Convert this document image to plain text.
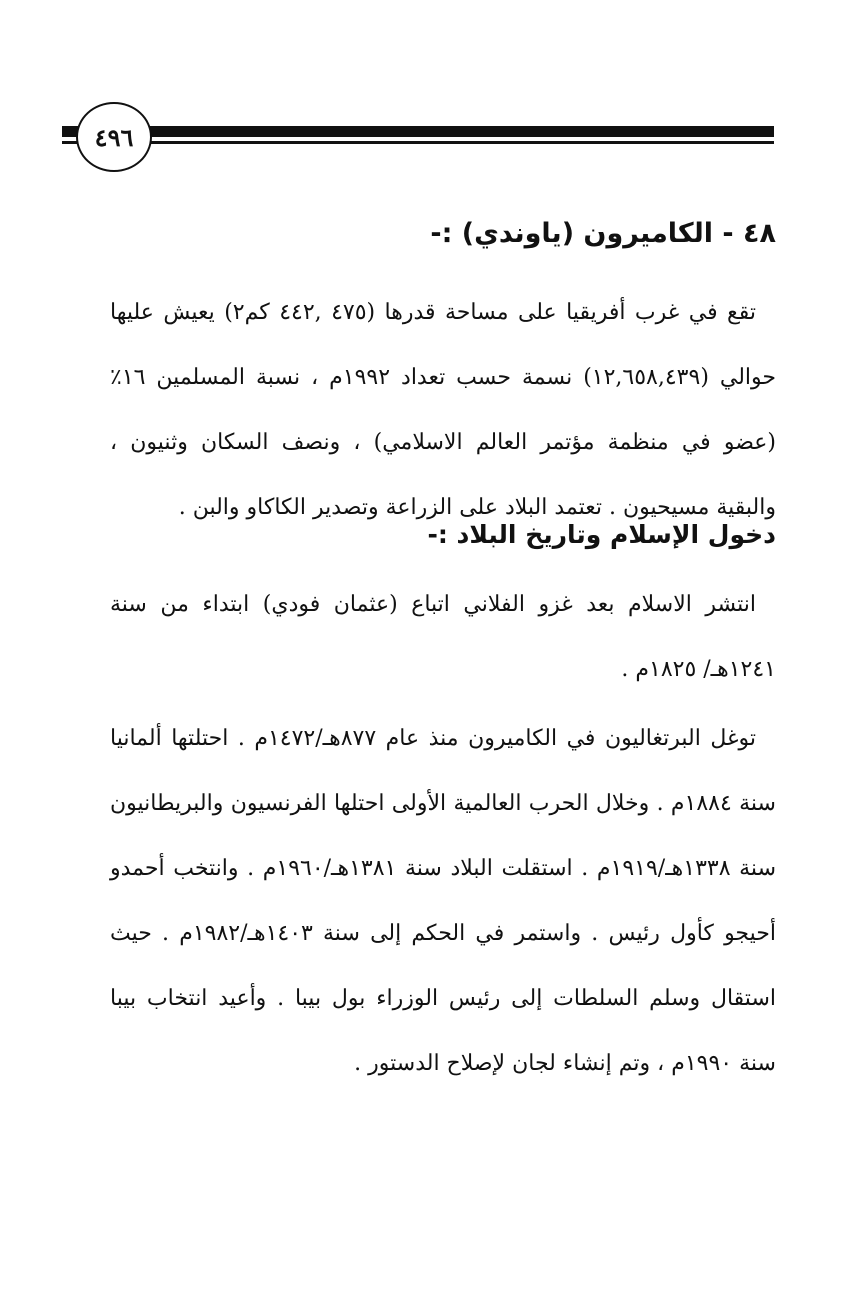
٤٩٦
٤٨ - الكاميرون (ياوندي) :-

تقع في غرب أفريقيا على مساحة قدرها (٤٧٥ ,٤٤٢ كم٢) يعيش عليها حوالي (١٢,٦٥٨,٤٣٩) نسمة حسب تعداد ١٩٩٢م ، نسبة المسلمين ١٦٪ (عضو في منظمة مؤتمر العالم الاسلامي) ، ونصف السكان وثنيون ، والبقية مسيحيون . تعتمد البلاد على الزراعة وتصدير الكاكاو والبن .

دخول الإسلام وتاريخ البلاد :-

انتشر الاسلام بعد غزو الفلاني اتباع (عثمان فودي) ابتداء من سنة ١٢٤١هـ/ ١٨٢٥م .

توغل البرتغاليون في الكاميرون منذ عام ٨٧٧هـ/١٤٧٢م . احتلتها ألمانيا سنة ١٨٨٤م . وخلال الحرب العالمية الأولى احتلها الفرنسيون والبريطانيون سنة ١٣٣٨هـ/١٩١٩م . استقلت البلاد سنة ١٣٨١هـ/١٩٦٠م . وانتخب أحمدو أحيجو كأول رئيس . واستمر في الحكم إلى سنة ١٤٠٣هـ/١٩٨٢م . حيث استقال وسلم السلطات إلى رئيس الوزراء بول بيبا . وأعيد انتخاب بيبا سنة ١٩٩٠م ، وتم إنشاء لجان لإصلاح الدستور .
